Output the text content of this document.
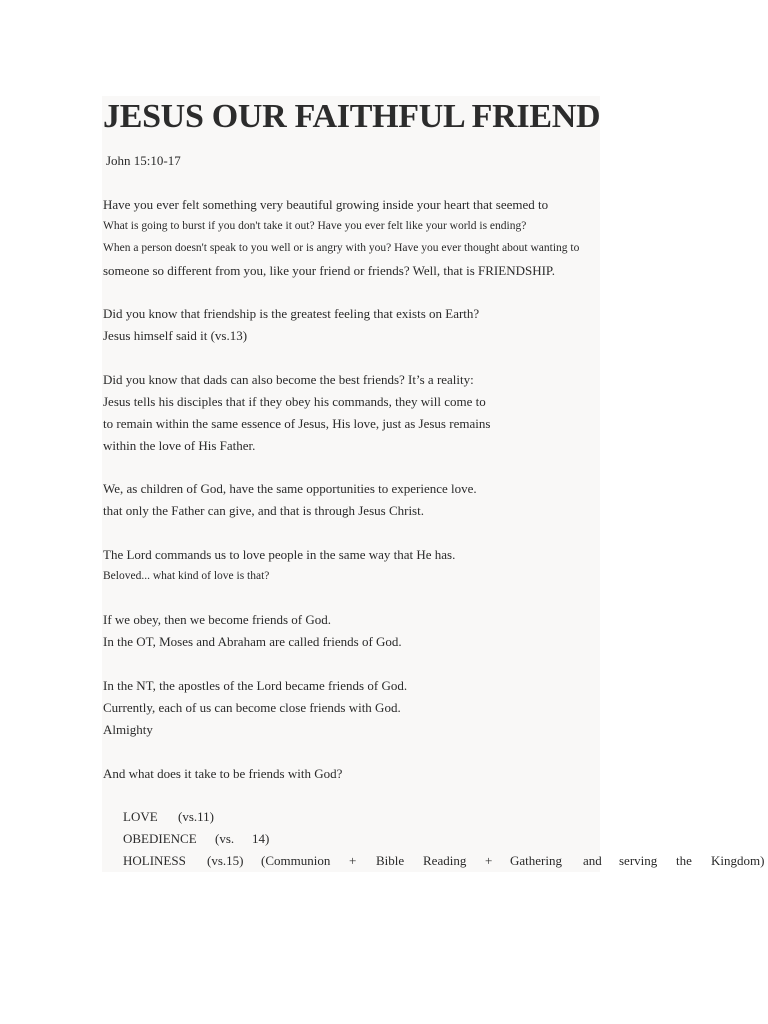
JESUS OUR FAITHFUL FRIEND
John 15:10-17
Have you ever felt something very beautiful growing inside your heart that seemed to
What is going to burst if you don't take it out? Have you ever felt like your world is ending?
When a person doesn't speak to you well or is angry with you? Have you ever thought about wanting to
someone so different from you, like your friend or friends? Well, that is FRIENDSHIP.
Did you know that friendship is the greatest feeling that exists on Earth?
Jesus himself said it (vs.13)
Did you know that dads can also become the best friends? It’s a reality:
Jesus tells his disciples that if they obey his commands, they will come to
to remain within the same essence of Jesus, His love, just as Jesus remains
within the love of His Father.
We, as children of God, have the same opportunities to experience love.
that only the Father can give, and that is through Jesus Christ.
The Lord commands us to love people in the same way that He has.
Beloved... what kind of love is that?
If we obey, then we become friends of God.
In the OT, Moses and Abraham are called friends of God.
In the NT, the apostles of the Lord became friends of God.
Currently, each of us can become close friends with God.
Almighty
And what does it take to be friends with God?
LOVE (vs.11)
OBEDIENCE (vs. 14)
HOLINESS (vs.15) (Communion + Bible Reading + Gathering and serving the Kingdom)
